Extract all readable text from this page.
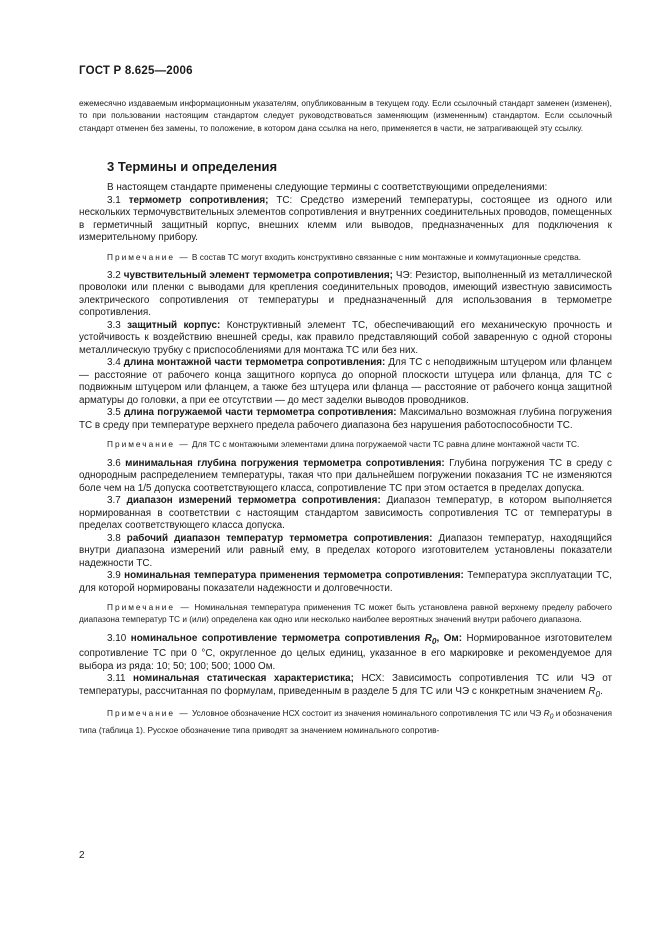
ГОСТ Р 8.625—2006
ежемесячно издаваемым информационным указателям, опубликованным в текущем году. Если ссылочный стандарт заменен (изменен), то при пользовании настоящим стандартом следует руководствоваться заменяющим (измененным) стандартом. Если ссылочный стандарт отменен без замены, то положение, в котором дана ссылка на него, применяется в части, не затрагивающей эту ссылку.
3 Термины и определения

В настоящем стандарте применены следующие термины с соответствующими определениями:

3.1 термометр сопротивления; ТС: Средство измерений температуры, состоящее из одного или нескольких термочувствительных элементов сопротивления и внутренних соединительных проводов, помещенных в герметичный защитный корпус, внешних клемм или выводов, предназначенных для подключения к измерительному прибору.

Примечание — В состав ТС могут входить конструктивно связанные с ним монтажные и коммутационные средства.

3.2 чувствительный элемент термометра сопротивления; ЧЭ: Резистор, выполненный из металлической проволоки или пленки с выводами для крепления соединительных проводов, имеющий известную зависимость электрического сопротивления от температуры и предназначенный для использования в термометре сопротивления.

3.3 защитный корпус: Конструктивный элемент ТС, обеспечивающий его механическую прочность и устойчивость к воздействию внешней среды, как правило представляющий собой заваренную с одной стороны металлическую трубку с приспособлениями для монтажа ТС или без них.

3.4 длина монтажной части термометра сопротивления: Для ТС с неподвижным штуцером или фланцем — расстояние от рабочего конца защитного корпуса до опорной плоскости штуцера или фланца, для ТС с подвижным штуцером или фланцем, а также без штуцера или фланца — расстояние от рабочего конца защитной арматуры до головки, а при ее отсутствии — до мест заделки выводов проводников.

3.5 длина погружаемой части термометра сопротивления: Максимально возможная глубина погружения ТС в среду при температуре верхнего предела рабочего диапазона без нарушения работоспособности ТС.

Примечание — Для ТС с монтажными элементами длина погружаемой части ТС равна длине монтажной части ТС.

3.6 минимальная глубина погружения термометра сопротивления: Глубина погружения ТС в среду с однородным распределением температуры, такая что при дальнейшем погружении показания ТС не изменяются боле чем на 1/5 допуска соответствующего класса, сопротивление ТС при этом остается в пределах допуска.

3.7 диапазон измерений термометра сопротивления: Диапазон температур, в котором выполняется нормированная в соответствии с настоящим стандартом зависимость сопротивления ТС от температуры в пределах соответствующего класса допуска.

3.8 рабочий диапазон температур термометра сопротивления: Диапазон температур, находящийся внутри диапазона измерений или равный ему, в пределах которого изготовителем установлены показатели надежности ТС.

3.9 номинальная температура применения термометра сопротивления: Температура эксплуатации ТС, для которой нормированы показатели надежности и долговечности.

Примечание — Номинальная температура применения ТС может быть установлена равной верхнему пределу рабочего диапазона температур ТС и (или) определена как одно или несколько наиболее вероятных значений внутри рабочего диапазона.

3.10 номинальное сопротивление термометра сопротивления $R_0$, Ом: Нормированное изготовителем сопротивление ТС при 0 °С, округленное до целых единиц, указанное в его маркировке и рекомендуемое для выбора из ряда: 10; 50; 100; 500; 1000 Ом.

3.11 номинальная статическая характеристика; НСХ: Зависимость сопротивления ТС или ЧЭ от температуры, рассчитанная по формулам, приведенным в разделе 5 для ТС или ЧЭ с конкретным значением $R_0$.

Примечание — Условное обозначение НСХ состоит из значения номинального сопротивления ТС или ЧЭ $R_0$ и обозначения типа (таблица 1). Русское обозначение типа приводят за значением номинального сопротив-

2
